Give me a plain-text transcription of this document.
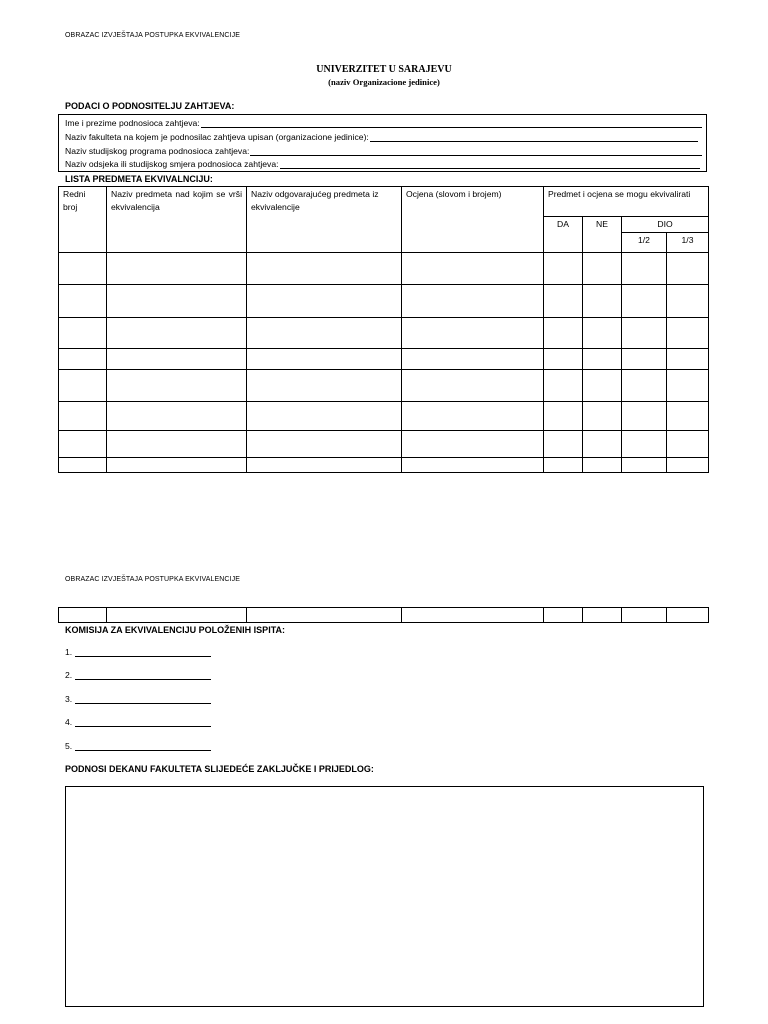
OBRAZAC IZVJEŠTAJA POSTUPKA EKVIVALENCIJE
UNIVERZITET U SARAJEVU
(naziv Organizacione jedinice)
PODACI O PODNOSITELJU ZAHTJEVA:
Ime i prezime podnosioca zahtjeva:
Naziv fakulteta na kojem je podnosilac zahtjeva upisan (organizacione jedinice):
Naziv studijskog programa podnosioca zahtjeva:
Naziv odsjeka ili studijskog smjera podnosioca zahtjeva:
LISTA PREDMETA EKVIVALNCIJU:
Redni broj	Naziv predmeta nad kojim se vrši ekvivalencija	Naziv odgovarajućeg predmeta iz ekvivalencije	Ocjena (slovom i brojem)	Predmet i ocjena se mogu ekvivalirati			
				DA	NE	DIO	
						1/2	1/3

OBRAZAC IZVJEŠTAJA POSTUPKA EKVIVALENCIJE

KOMISIJA ZA EKVIVALENCIJU POLOŽENIH ISPITA:
1.
2.
3.
4.
5.
PODNOSI DEKANU FAKULTETA SLIJEDEĆE ZAKLJUČKE I PRIJEDLOG:
